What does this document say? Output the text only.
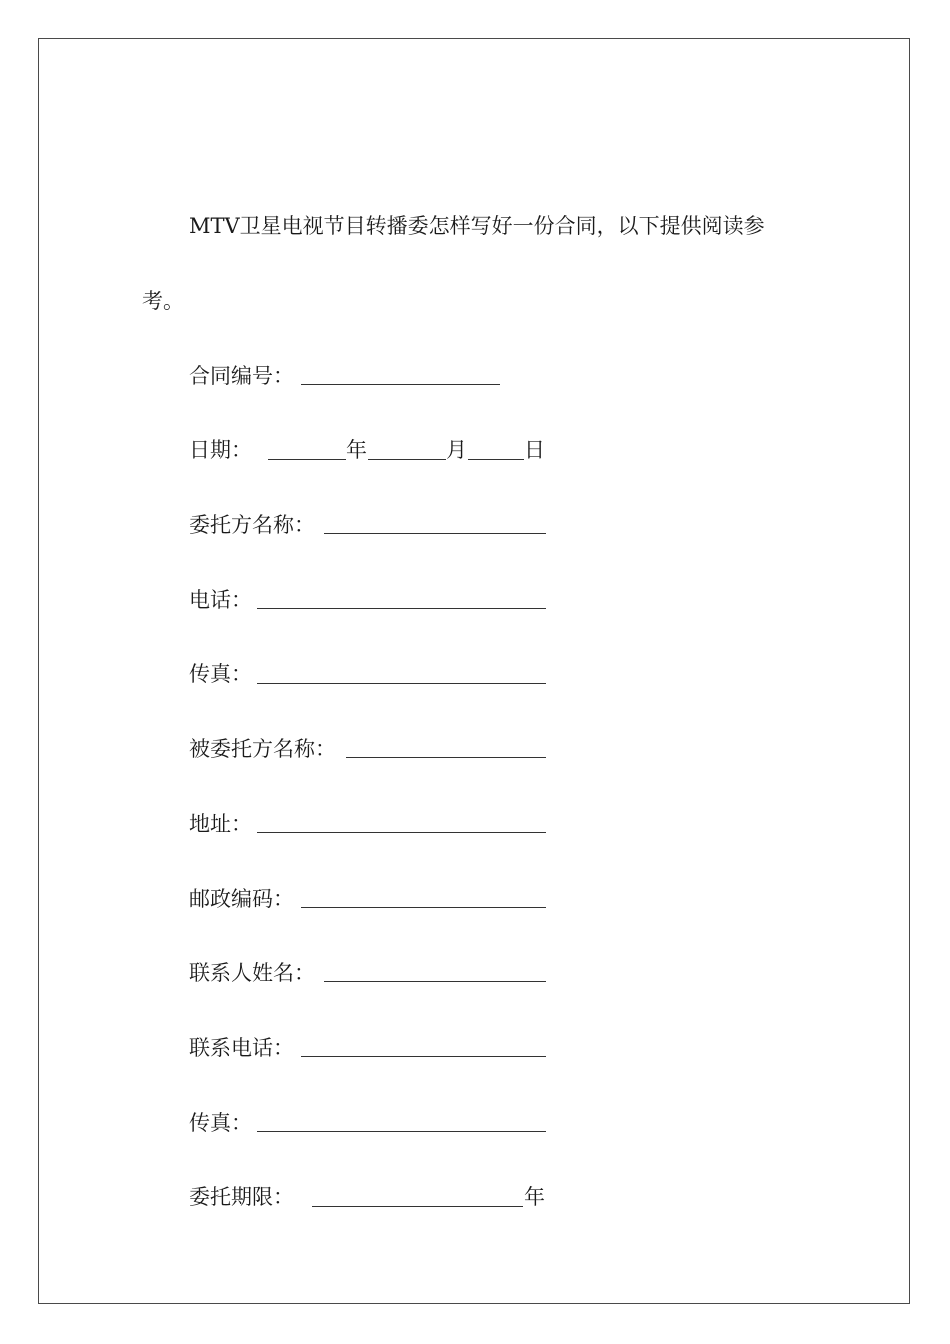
MTV卫星电视节目转播委怎样写好一份合同，以下提供阅读参
考。
合同编号：
日期：	年	月	日
委托方名称：
电话：
传真：
被委托方名称：
地址：
邮政编码：
联系人姓名：
联系电话：
传真：
委托期限：	年
